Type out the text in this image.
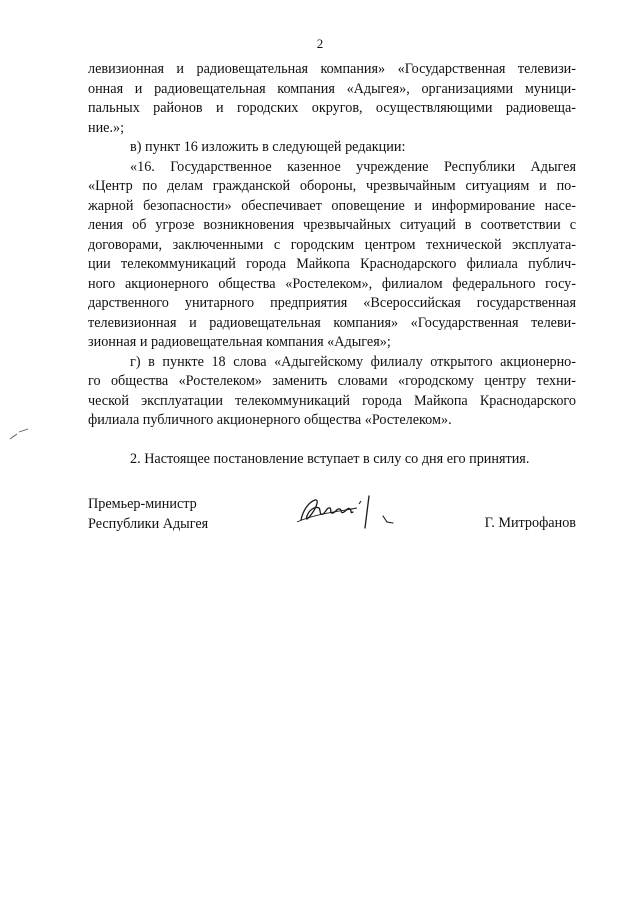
2
левизионная и радиовещательная компания» «Государственная телевизи-
онная и радиовещательная компания «Адыгея», организациями муници-
пальных районов и городских округов, осуществляющими радиовеща-
ние.»;
в) пункт 16 изложить в следующей редакции:
«16. Государственное казенное учреждение Республики Адыгея
«Центр по делам гражданской обороны, чрезвычайным ситуациям и по-
жарной безопасности» обеспечивает оповещение и информирование насе-
ления об угрозе возникновения чрезвычайных ситуаций в соответствии с
договорами, заключенными с городским центром технической эксплуата-
ции телекоммуникаций города Майкопа Краснодарского филиала публич-
ного акционерного общества «Ростелеком», филиалом федерального госу-
дарственного унитарного предприятия «Всероссийская государственная
телевизионная и радиовещательная компания» «Государственная телеви-
зионная и радиовещательная компания «Адыгея»;
г) в пункте 18 слова «Адыгейскому филиалу открытого акционерно-
го общества «Ростелеком» заменить словами «городскому центру техни-
ческой эксплуатации телекоммуникаций города Майкопа Краснодарского
филиала публичного акционерного общества «Ростелеком».
2. Настоящее постановление вступает в силу со дня его принятия.
Премьер-министр
Республики Адыгея	Г. Митрофанов
